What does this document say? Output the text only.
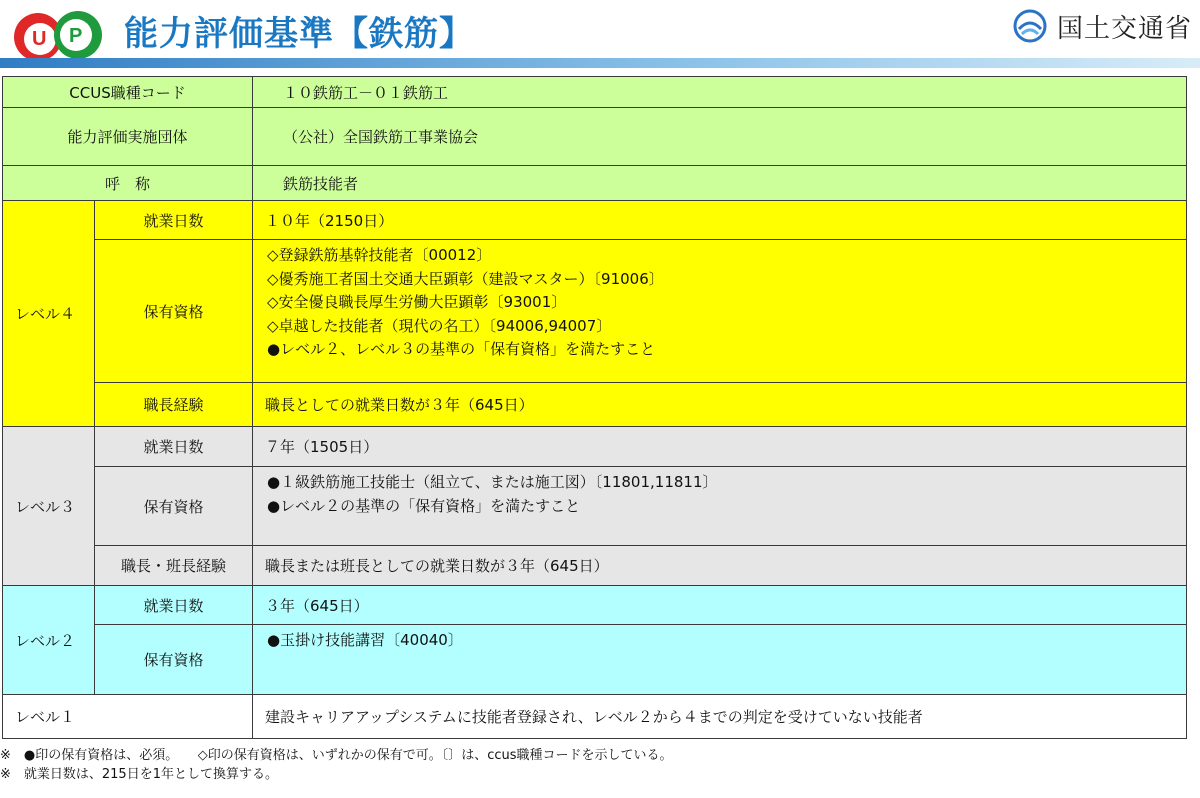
U P 能力評価基準【鉄筋】	国土交通省
CCUS職種コード		１０鉄筋工－０１鉄筋工
能力評価実施団体		（公社）全国鉄筋工事業協会
呼　称		鉄筋技能者
レベル４	就業日数	１０年（2150日）
	保有資格	◇登録鉄筋基幹技能者〔00012〕
◇優秀施工者国土交通大臣顕彰（建設マスター）〔91006〕
◇安全優良職長厚生労働大臣顕彰〔93001〕
◇卓越した技能者（現代の名工）〔94006,94007〕
●レベル２、レベル３の基準の「保有資格」を満たすこと

	職長経験	職長としての就業日数が３年（645日）
レベル３	就業日数	７年（1505日）
	保有資格	●１級鉄筋施工技能士（組立て、または施工図）〔11801,11811〕
●レベル２の基準の「保有資格」を満たすこと

	職長・班長経験	職長または班長としての就業日数が３年（645日）
レベル２	就業日数	３年（645日）
	保有資格	●玉掛け技能講習〔40040〕

レベル１		建設キャリアアップシステムに技能者登録され、レベル２から４までの判定を受けていない技能者
※　●印の保有資格は、必須。　　◇印の保有資格は、いずれかの保有で可。〔〕は、ccus職種コードを示している。
※　就業日数は、215日を1年として換算する。
